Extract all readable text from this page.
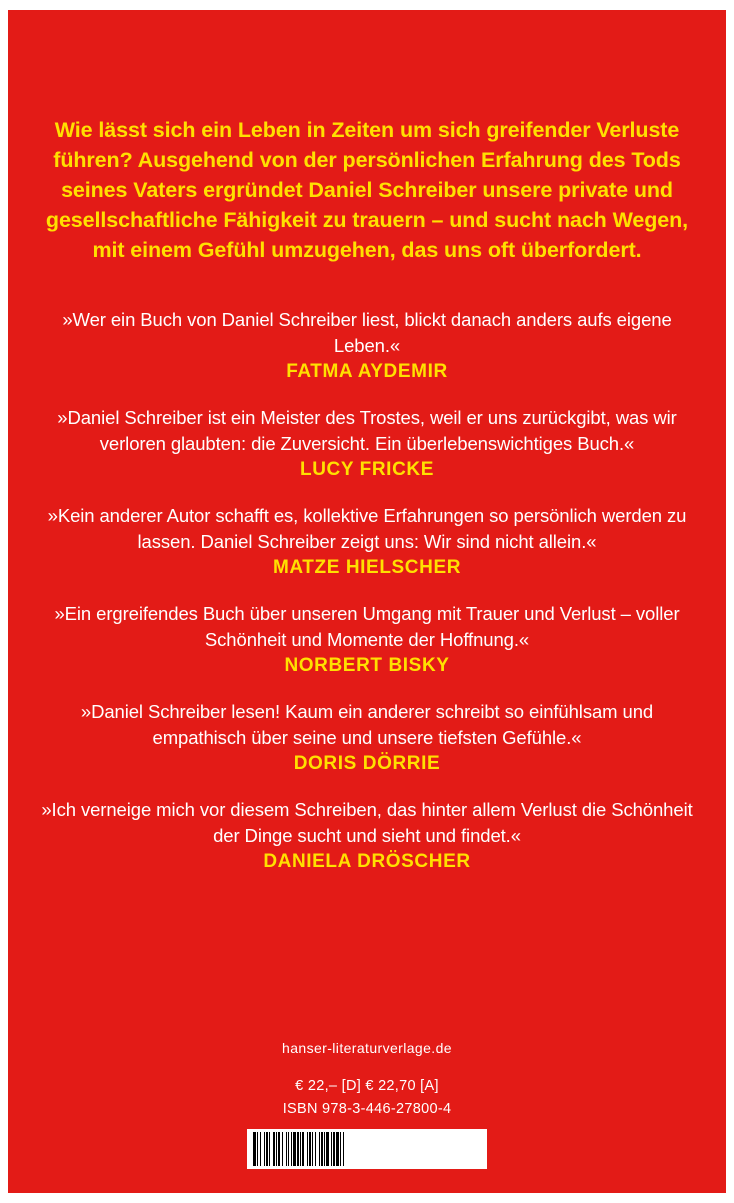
Wie lässt sich ein Leben in Zeiten um sich greifender Verluste führen? Ausgehend von der persönlichen Erfahrung des Tods seines Vaters ergründet Daniel Schreiber unsere private und gesellschaftliche Fähigkeit zu trauern – und sucht nach Wegen, mit einem Gefühl umzugehen, das uns oft überfordert.
»Wer ein Buch von Daniel Schreiber liest, blickt danach anders aufs eigene Leben.«
FATMA AYDEMIR
»Daniel Schreiber ist ein Meister des Trostes, weil er uns zurückgibt, was wir verloren glaubten: die Zuversicht. Ein überlebenswichtiges Buch.«
LUCY FRICKE
»Kein anderer Autor schafft es, kollektive Erfahrungen so persönlich werden zu lassen. Daniel Schreiber zeigt uns: Wir sind nicht allein.«
MATZE HIELSCHER
»Ein ergreifendes Buch über unseren Umgang mit Trauer und Verlust – voller Schönheit und Momente der Hoffnung.«
NORBERT BISKY
»Daniel Schreiber lesen! Kaum ein anderer schreibt so einfühlsam und empathisch über seine und unsere tiefsten Gefühle.«
DORIS DÖRRIE
»Ich verneige mich vor diesem Schreiben, das hinter allem Verlust die Schönheit der Dinge sucht und sieht und findet.«
DANIELA DRÖSCHER
hanser-literaturverlage.de
€ 22,– [D] € 22,70 [A]
ISBN 978-3-446-27800-4
